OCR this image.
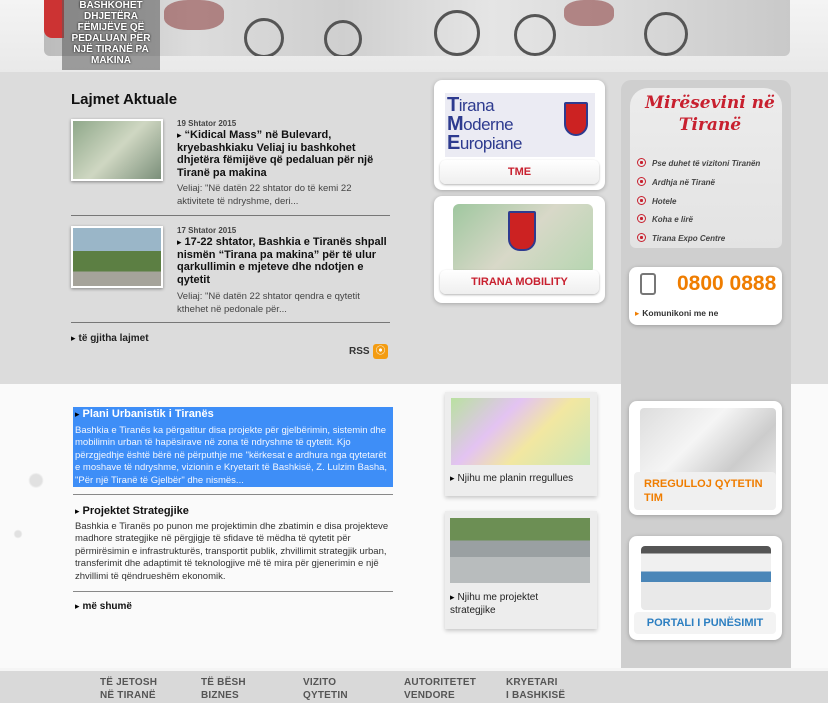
BASHKOHET DHJETËRA FËMIJËVE QË PEDALUAN PËR NJË TIRANË PA MAKINA
Lajmet Aktuale
19 Shtator 2015
▸ “Kidical Mass” në Bulevard, kryebashkiaku Veliaj iu bashkohet dhjetëra fëmijëve që pedaluan për një Tiranë pa makina
Veliaj: "Në datën 22 shtator do të kemi 22 aktivitete të ndryshme, deri...
17 Shtator 2015
▸ 17-22 shtator, Bashkia e Tiranës shpall nismën “Tirana pa makina” për të ulur qarkullimin e mjeteve dhe ndotjen e qytetit
Veliaj: "Në datën 22 shtator qendra e qytetit kthehet në pedonale për...
▸ të gjitha lajmet
RSS ⦿
Tirana
Moderne
Europiane
TME
TIRANA MOBILITY
Mirësevini në Tiranë
Pse duhet të vizitoni Tiranën
Ardhja në Tiranë
Hotele
Koha e lirë
Tirana Expo Centre
0800 0888
▸ Komunikoni me ne
RREGULLOJ QYTETIN TIM
PORTALI I PUNËSIMIT
▸ Plani Urbanistik i Tiranës
Bashkia e Tiranës ka përgatitur disa projekte për gjelbërimin, sistemin dhe mobilimin urban të hapësirave në zona të ndryshme të qytetit. Kjo përzgjedhje është bërë në përputhje me "kërkesat e ardhura nga qytetarët e moshave të ndryshme, vizionin e Kryetarit të Bashkisë, Z. Lulzim Basha, "Për një Tiranë të Gjelbër" dhe nismës...
▸ Projektet Strategjike
Bashkia e Tiranës po punon me projektimin dhe zbatimin e disa projekteve madhore strategjike në përgjigje të sfidave të mëdha të qytetit për përmirësimin e infrastrukturës, transportit publik, zhvillimit strategjik urban, transferimit dhe adaptimit të teknologjive më të mira për gjenerimin e një zhvillimi të qëndrueshëm ekonomik.
▸ më shumë
▸ Njihu me planin rregullues
▸ Njihu me projektet strategjike
TË JETOSH
NË TIRANË
TË BËSH
BIZNES
VIZITO
QYTETIN
AUTORITETET
VENDORE
KRYETARI
I BASHKISË
